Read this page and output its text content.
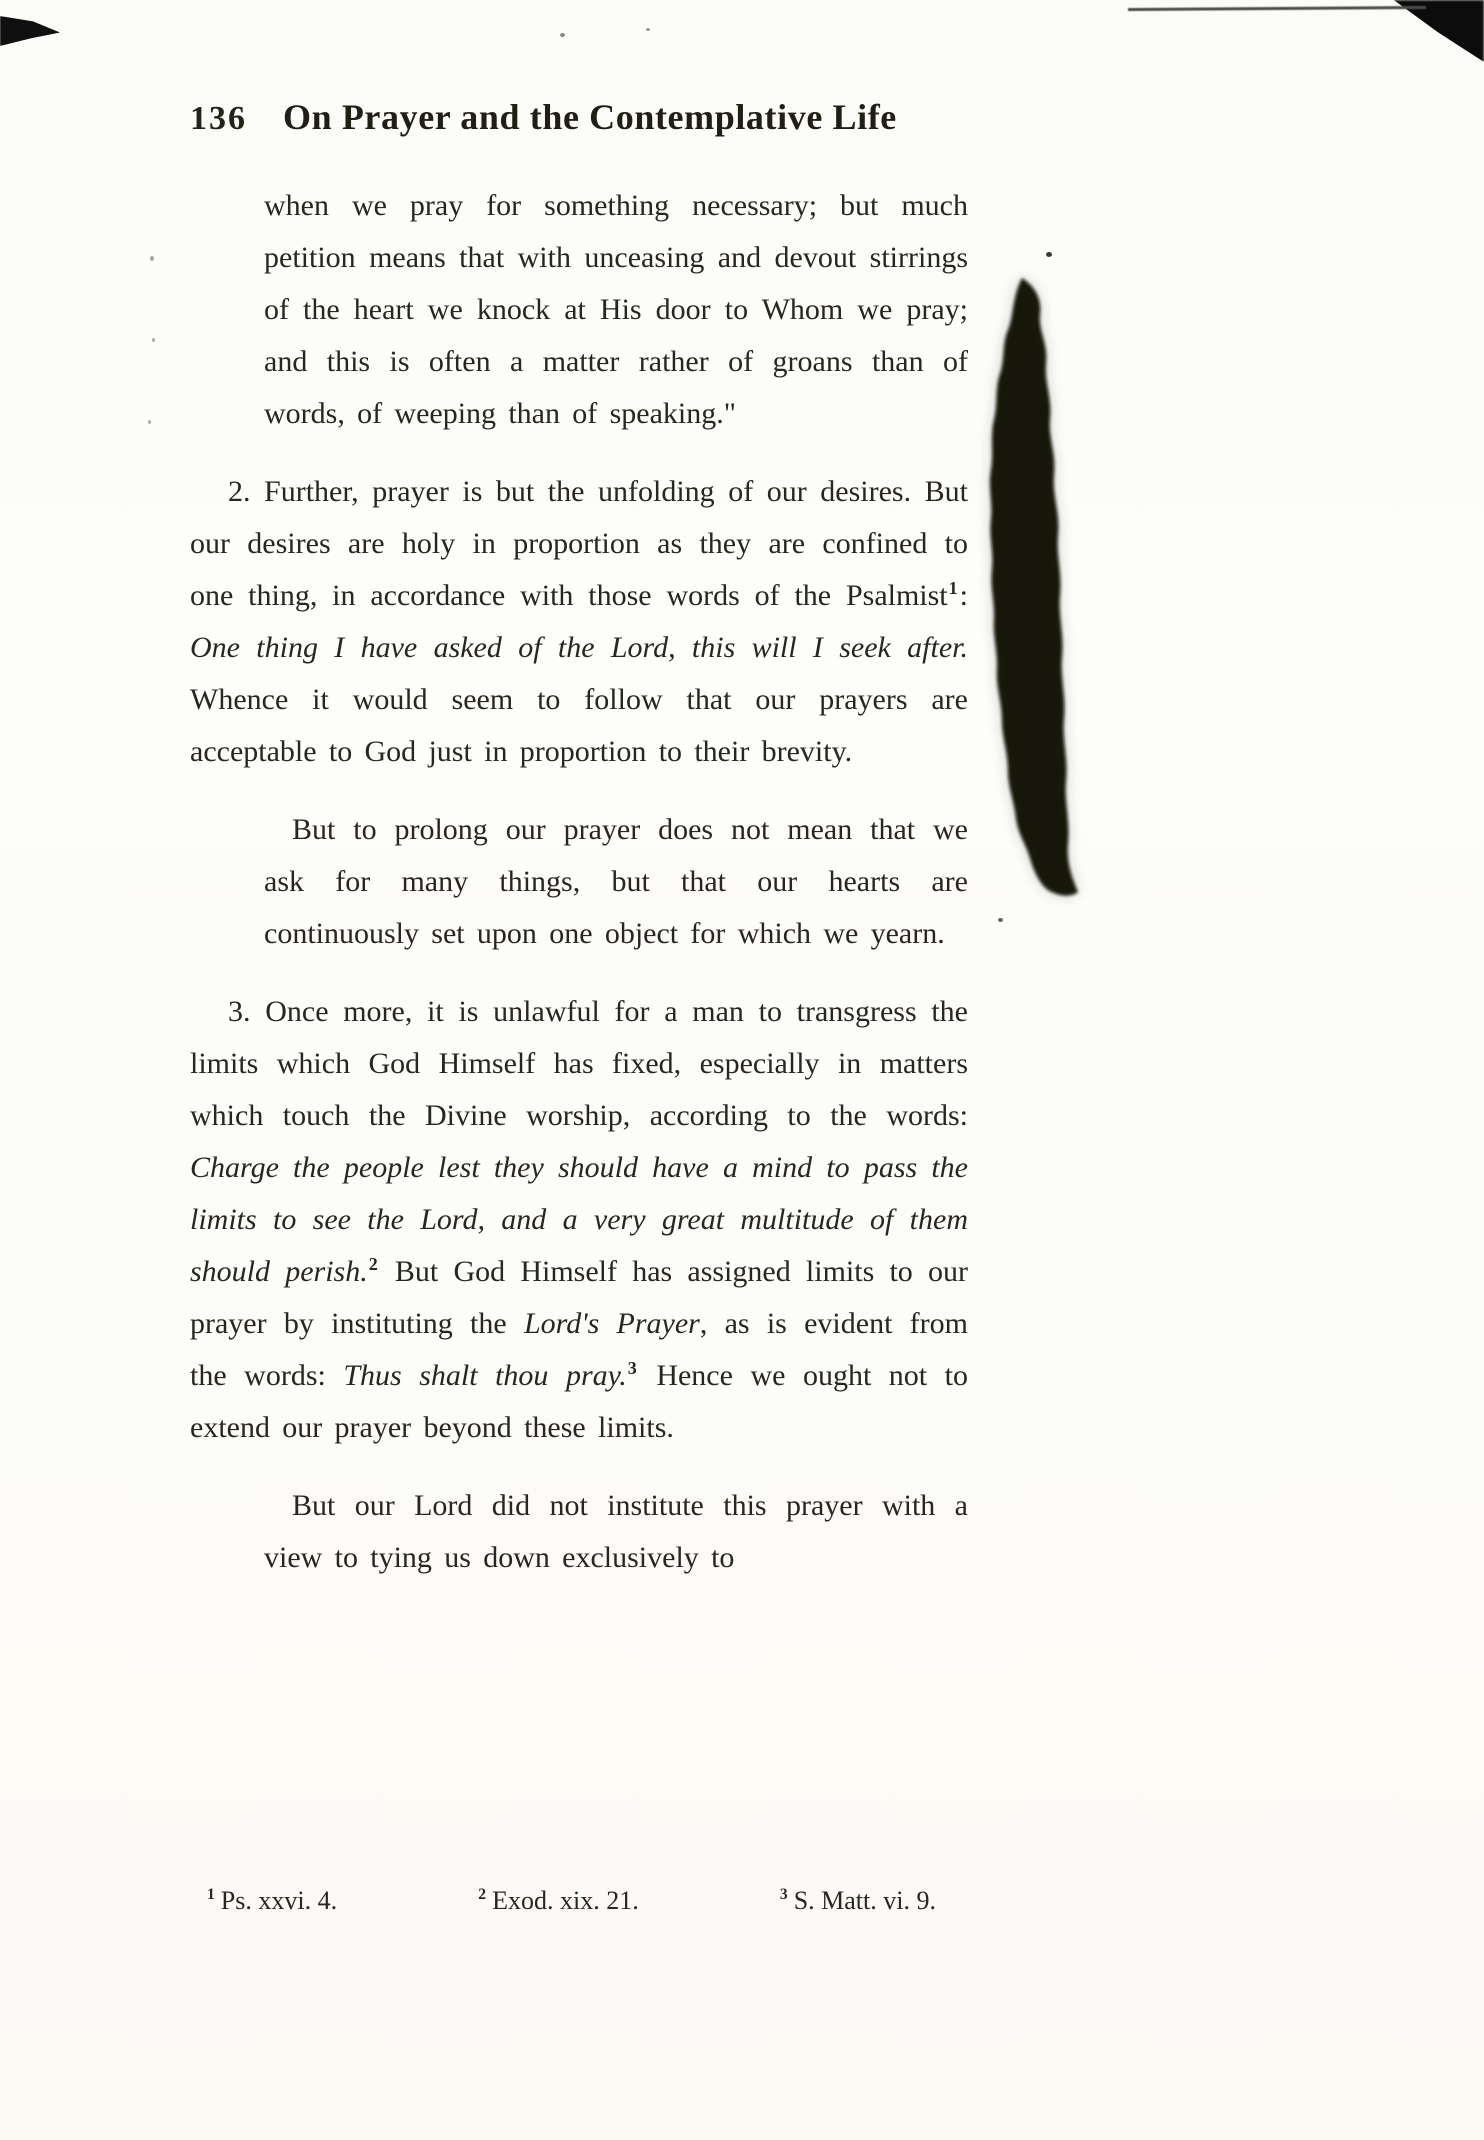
136 On Prayer and the Contemplative Life

when we pray for something necessary; but much petition means that with unceasing and devout stirrings of the heart we knock at His door to Whom we pray; and this is often a matter rather of groans than of words, of weeping than of speaking."

2. Further, prayer is but the unfolding of our desires. But our desires are holy in proportion as they are confined to one thing, in accordance with those words of the Psalmist$^1$: One thing I have asked of the Lord, this will I seek after. Whence it would seem to follow that our prayers are acceptable to God just in proportion to their brevity.

But to prolong our prayer does not mean that we ask for many things, but that our hearts are continuously set upon one object for which we yearn.

3. Once more, it is unlawful for a man to transgress the limits which God Himself has fixed, especially in matters which touch the Divine worship, according to the words: Charge the people lest they should have a mind to pass the limits to see the Lord, and a very great multitude of them should perish.$^2$ But God Himself has assigned limits to our prayer by instituting the Lord's Prayer, as is evident from the words: Thus shalt thou pray.$^3$ Hence we ought not to extend our prayer beyond these limits.

But our Lord did not institute this prayer with a view to tying us down exclusively to

$^1$ Ps. xxvi. 4.	$^2$ Exod. xix. 21.	$^3$ S. Matt. vi. 9.
